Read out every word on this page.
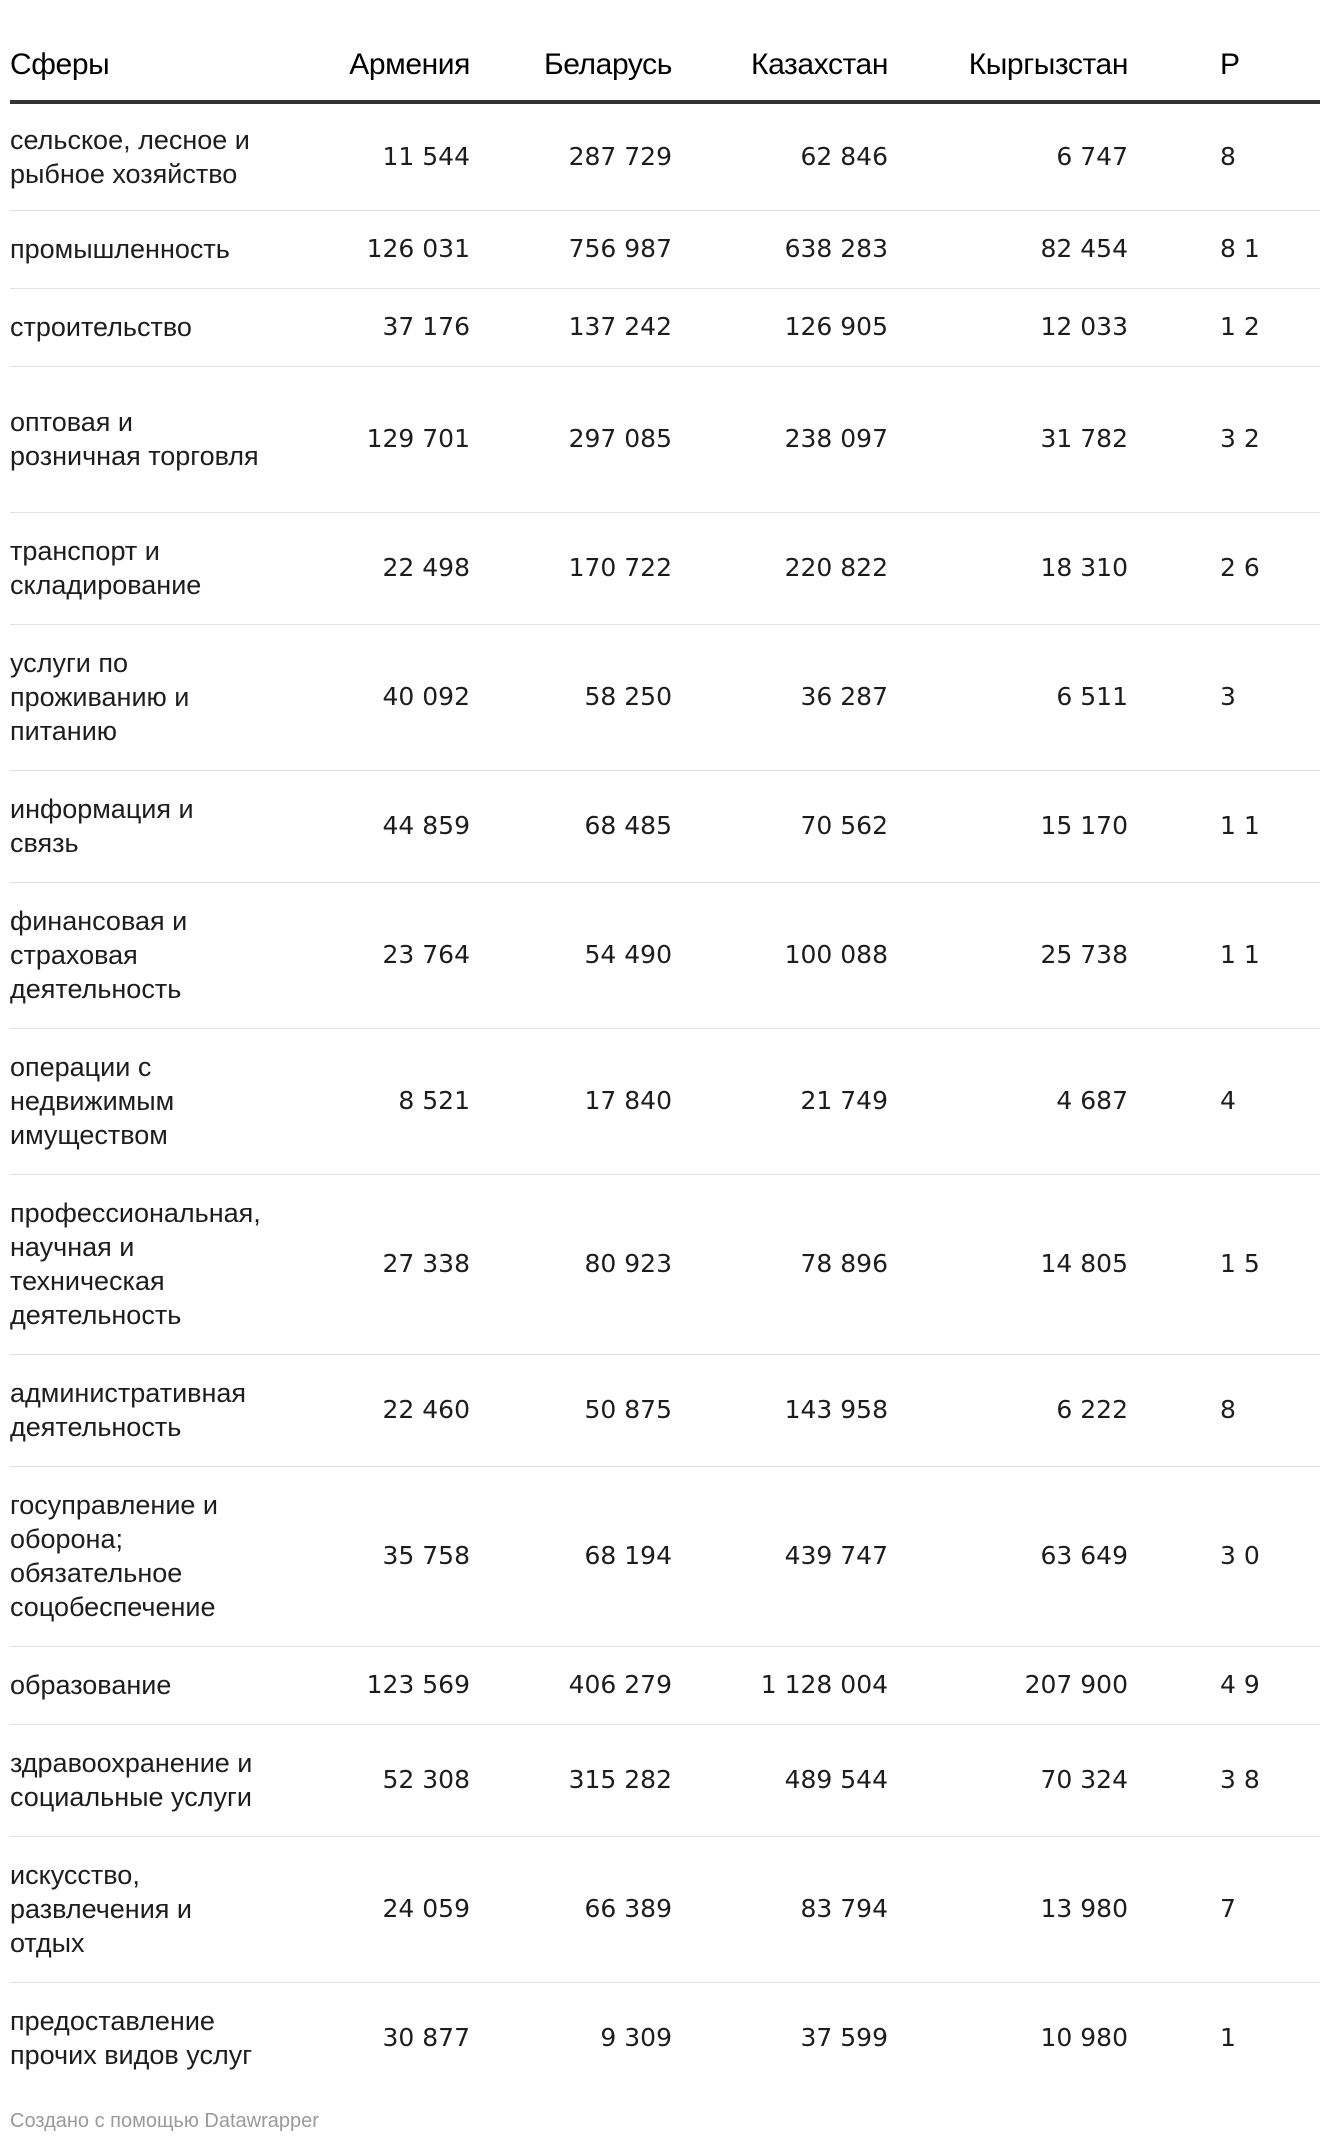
Сферы	Армения	Беларусь	Казахстан	Кыргызстан	Р
сельское, лесное и рыбное хозяйство	11 544	287 729	62 846	6 747	8
промышленность	126 031	756 987	638 283	82 454	8 1
строительство	37 176	137 242	126 905	12 033	1 2
оптовая и розничная торговля	129 701	297 085	238 097	31 782	3 2
транспорт и складирование	22 498	170 722	220 822	18 310	2 6
услуги по проживанию и питанию	40 092	58 250	36 287	6 511	3
информация и связь	44 859	68 485	70 562	15 170	1 1
финансовая и страховая деятельность	23 764	54 490	100 088	25 738	1 1
операции с недвижимым имуществом	8 521	17 840	21 749	4 687	4
профессиональная, научная и техническая деятельность	27 338	80 923	78 896	14 805	1 5
административная деятельность	22 460	50 875	143 958	6 222	8
госуправление и оборона; обязательное соцобеспечение	35 758	68 194	439 747	63 649	3 0
образование	123 569	406 279	1 128 004	207 900	4 9
здравоохранение и социальные услуги	52 308	315 282	489 544	70 324	3 8
искусство, развлечения и отдых	24 059	66 389	83 794	13 980	7
предоставление прочих видов услуг	30 877	9 309	37 599	10 980	1
Создано с помощью Datawrapper
